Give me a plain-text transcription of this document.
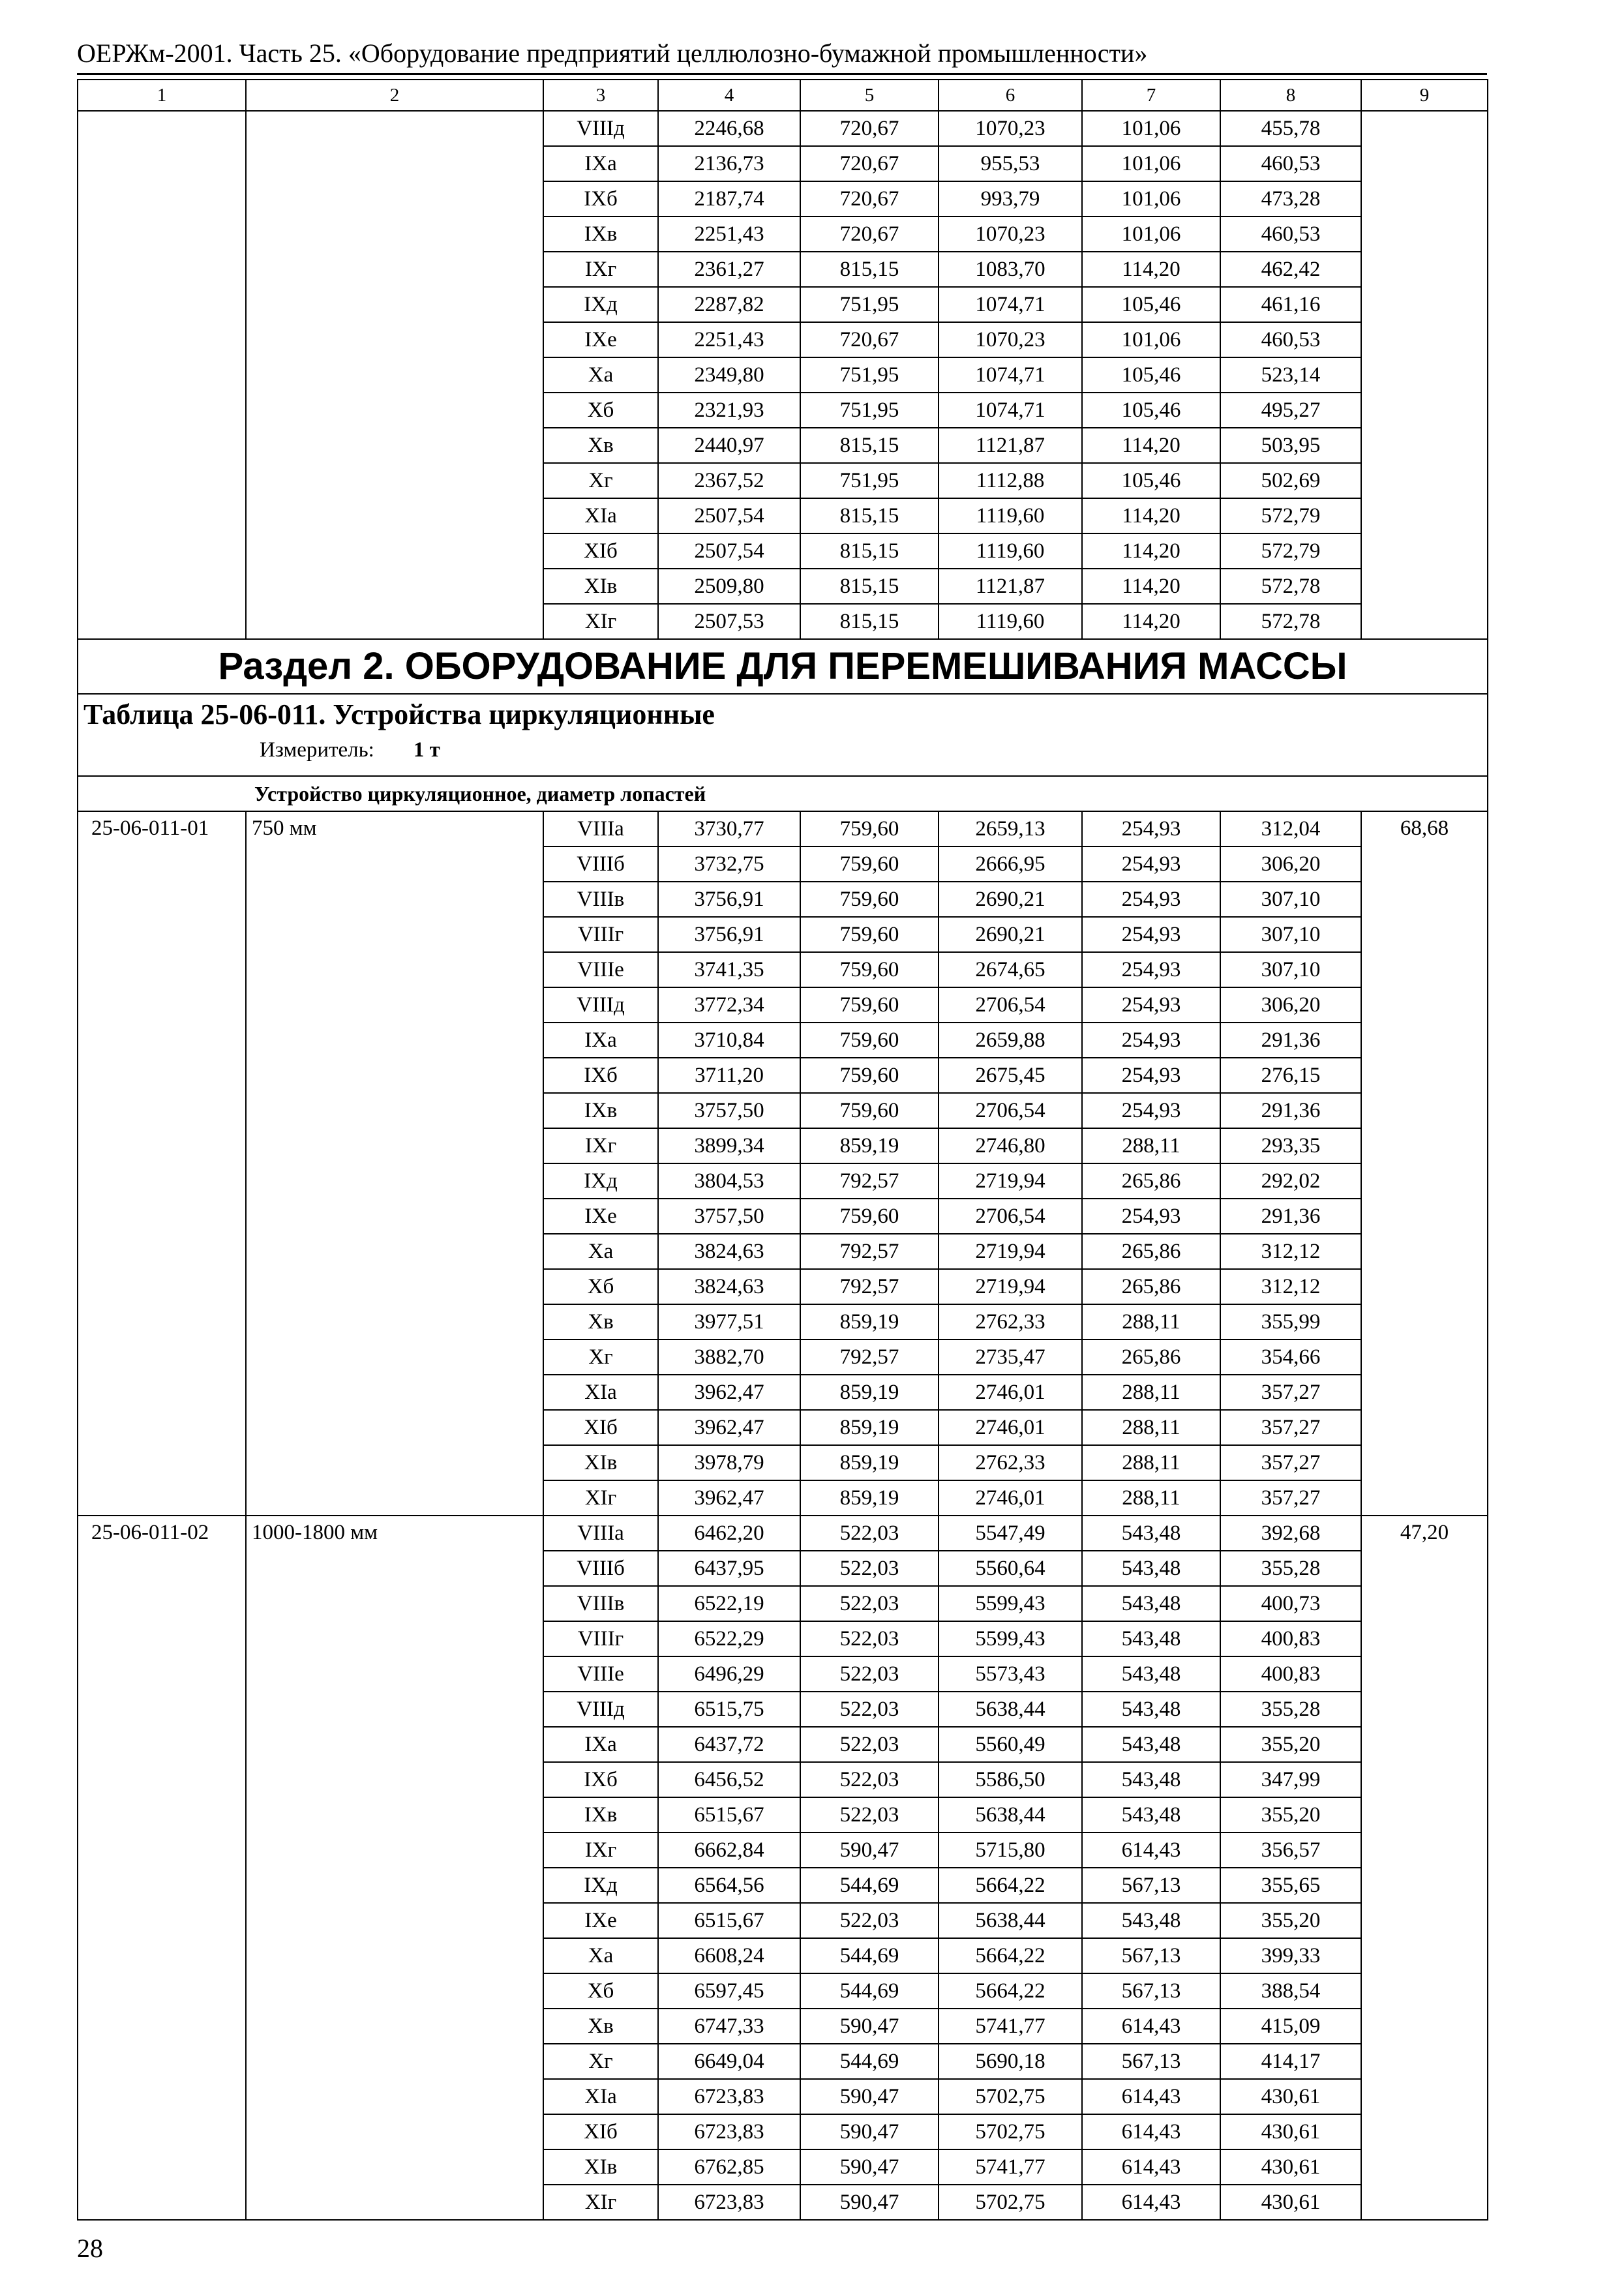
ОЕРЖм-2001. Часть 25. «Оборудование предприятий целлюлозно-бумажной промышленности»
1	2	3	4	5	6	7	8	9
		VIIIд	2246,68	720,67	1070,23	101,06	455,78	
		IXа	2136,73	720,67	955,53	101,06	460,53	
		IXб	2187,74	720,67	993,79	101,06	473,28	
		IXв	2251,43	720,67	1070,23	101,06	460,53	
		IXг	2361,27	815,15	1083,70	114,20	462,42	
		IXд	2287,82	751,95	1074,71	105,46	461,16	
		IXе	2251,43	720,67	1070,23	101,06	460,53	
		Xа	2349,80	751,95	1074,71	105,46	523,14	
		Xб	2321,93	751,95	1074,71	105,46	495,27	
		Xв	2440,97	815,15	1121,87	114,20	503,95	
		Xг	2367,52	751,95	1112,88	105,46	502,69	
		XIа	2507,54	815,15	1119,60	114,20	572,79	
		XIб	2507,54	815,15	1119,60	114,20	572,79	
		XIв	2509,80	815,15	1121,87	114,20	572,78	
		XIг	2507,53	815,15	1119,60	114,20	572,78	
Раздел 2. ОБОРУДОВАНИЕ ДЛЯ ПЕРЕМЕШИВАНИЯ МАССЫ								

Таблица 25-06-011. Устройства циркуляционные
Измеритель: 1 т								

Устройство циркуляционное, диаметр лопастей								
25-06-011-01	750 мм	VIIIа	3730,77	759,60	2659,13	254,93	312,04	68,68
		VIIIб	3732,75	759,60	2666,95	254,93	306,20	
		VIIIв	3756,91	759,60	2690,21	254,93	307,10	
		VIIIг	3756,91	759,60	2690,21	254,93	307,10	
		VIIIе	3741,35	759,60	2674,65	254,93	307,10	
		VIIIд	3772,34	759,60	2706,54	254,93	306,20	
		IXа	3710,84	759,60	2659,88	254,93	291,36	
		IXб	3711,20	759,60	2675,45	254,93	276,15	
		IXв	3757,50	759,60	2706,54	254,93	291,36	
		IXг	3899,34	859,19	2746,80	288,11	293,35	
		IXд	3804,53	792,57	2719,94	265,86	292,02	
		IXе	3757,50	759,60	2706,54	254,93	291,36	
		Xа	3824,63	792,57	2719,94	265,86	312,12	
		Xб	3824,63	792,57	2719,94	265,86	312,12	
		Xв	3977,51	859,19	2762,33	288,11	355,99	
		Xг	3882,70	792,57	2735,47	265,86	354,66	
		XIа	3962,47	859,19	2746,01	288,11	357,27	
		XIб	3962,47	859,19	2746,01	288,11	357,27	
		XIв	3978,79	859,19	2762,33	288,11	357,27	
		XIг	3962,47	859,19	2746,01	288,11	357,27	
25-06-011-02	1000-1800 мм	VIIIа	6462,20	522,03	5547,49	543,48	392,68	47,20
		VIIIб	6437,95	522,03	5560,64	543,48	355,28	
		VIIIв	6522,19	522,03	5599,43	543,48	400,73	
		VIIIг	6522,29	522,03	5599,43	543,48	400,83	
		VIIIе	6496,29	522,03	5573,43	543,48	400,83	
		VIIIд	6515,75	522,03	5638,44	543,48	355,28	
		IXа	6437,72	522,03	5560,49	543,48	355,20	
		IXб	6456,52	522,03	5586,50	543,48	347,99	
		IXв	6515,67	522,03	5638,44	543,48	355,20	
		IXг	6662,84	590,47	5715,80	614,43	356,57	
		IXд	6564,56	544,69	5664,22	567,13	355,65	
		IXе	6515,67	522,03	5638,44	543,48	355,20	
		Xа	6608,24	544,69	5664,22	567,13	399,33	
		Xб	6597,45	544,69	5664,22	567,13	388,54	
		Xв	6747,33	590,47	5741,77	614,43	415,09	
		Xг	6649,04	544,69	5690,18	567,13	414,17	
		XIа	6723,83	590,47	5702,75	614,43	430,61	
		XIб	6723,83	590,47	5702,75	614,43	430,61	
		XIв	6762,85	590,47	5741,77	614,43	430,61	
		XIг	6723,83	590,47	5702,75	614,43	430,61	
28
